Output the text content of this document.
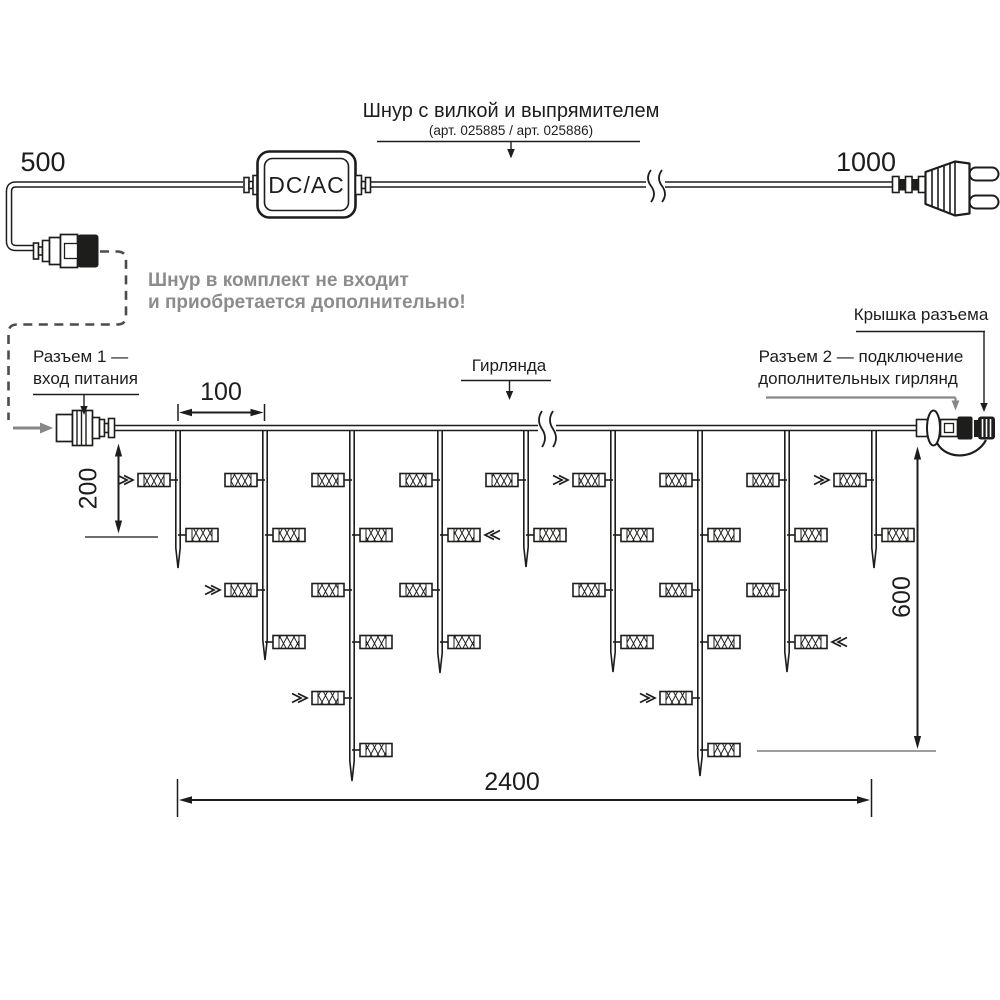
DC/AC
500	1000
Шнур с вилкой и выпрямителем
(арт. 025885 / арт. 025886)
Шнур в комплект не входит
и приобретается дополнительно!
Разъем 1 —
вход питания
Гирлянда	Разъем 2 — подключение
дополнительных гирлянд
Крышка разъема
100
200
600
2400
